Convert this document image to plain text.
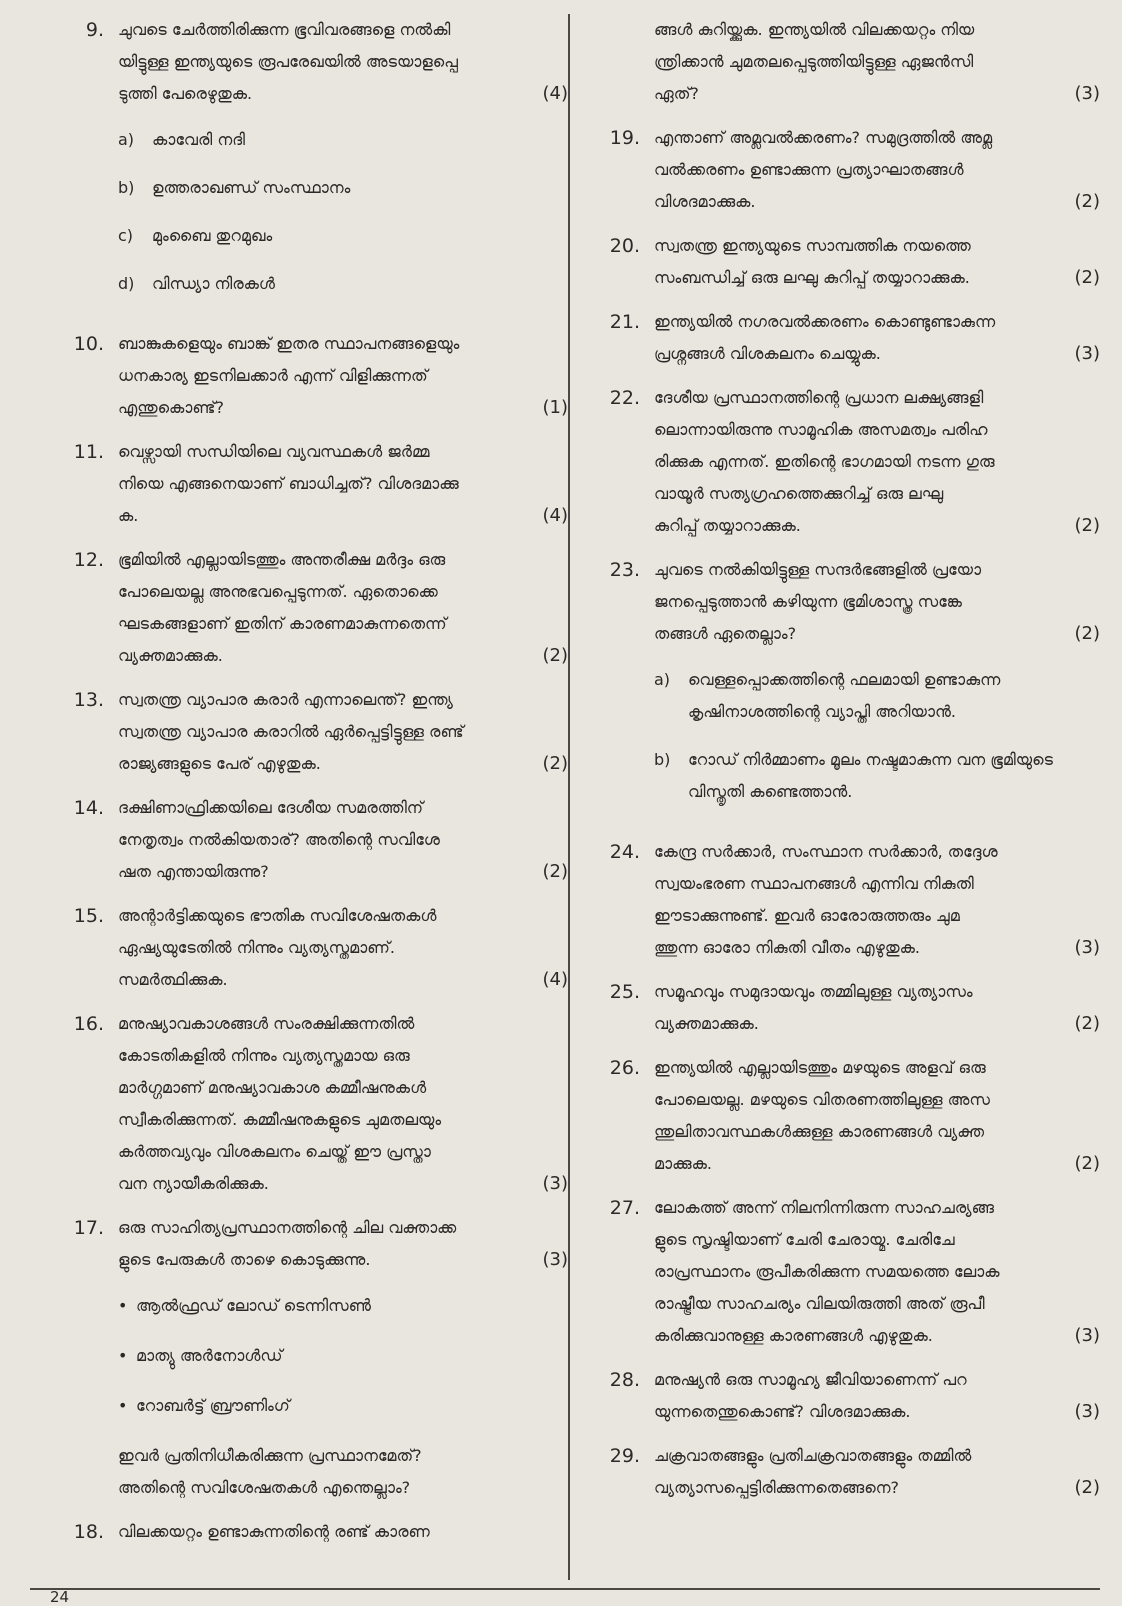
9. ചുവടെ ചേർത്തിരിക്കുന്ന ഭൂവിവരങ്ങളെ നൽകി

യിട്ടുള്ള ഇന്ത്യയുടെ രൂപരേഖയിൽ അടയാളപ്പെ

ടുത്തി പേരെഴുതുക.	(4)

a)	കാവേരി നദി
b)	ഉത്തരാഖണ്ഡ് സംസ്ഥാനം
c)	മുംബൈ തുറമുഖം
d)	വിന്ധ്യാ നിരകൾ
10. ബാങ്കുകളെയും ബാങ്ക് ഇതര സ്ഥാപനങ്ങളെയും

ധനകാര്യ ഇടനിലക്കാർ എന്ന് വിളിക്കുന്നത്

എന്തുകൊണ്ട്?	(1)

11. വെഴ്സായി സന്ധിയിലെ വ്യവസ്ഥകൾ ജർമ്മ

നിയെ എങ്ങനെയാണ് ബാധിച്ചത്? വിശദമാക്കു

ക.	(4)

12. ഭൂമിയിൽ എല്ലായിടത്തും അന്തരീക്ഷ മർദ്ദം ഒരു

പോലെയല്ല അനുഭവപ്പെടുന്നത്. ഏതൊക്കെ

ഘടകങ്ങളാണ് ഇതിന് കാരണമാകുന്നതെന്ന്

വ്യക്തമാക്കുക.	(2)

13. സ്വതന്ത്ര വ്യാപാര കരാർ എന്നാലെന്ത്? ഇന്ത്യ

സ്വതന്ത്ര വ്യാപാര കരാറിൽ ഏർപ്പെട്ടിട്ടുള്ള രണ്ട്

രാജ്യങ്ങളുടെ പേര് എഴുതുക.	(2)

14. ദക്ഷിണാഫ്രിക്കയിലെ ദേശീയ സമരത്തിന്

നേതൃത്വം നൽകിയതാര്? അതിന്റെ സവിശേ

ഷത എന്തായിരുന്നു?	(2)

15. അന്റാർട്ടിക്കയുടെ ഭൗതിക സവിശേഷതകൾ

ഏഷ്യയുടേതിൽ നിന്നും വ്യത്യസ്തമാണ്.

സമർത്ഥിക്കുക.	(4)

16. മനുഷ്യാവകാശങ്ങൾ സംരക്ഷിക്കുന്നതിൽ

കോടതികളിൽ നിന്നും വ്യത്യസ്തമായ ഒരു

മാർഗ്ഗമാണ് മനുഷ്യാവകാശ കമ്മീഷനുകൾ

സ്വീകരിക്കുന്നത്. കമ്മീഷനുകളുടെ ചുമതലയും

കർത്തവ്യവും വിശകലനം ചെയ്ത് ഈ പ്രസ്താ

വന ന്യായീകരിക്കുക.	(3)

17. ഒരു സാഹിത്യപ്രസ്ഥാനത്തിന്റെ ചില വക്താക്ക

ളുടെ പേരുകൾ താഴെ കൊടുക്കുന്നു.	(3)

• ആൽഫ്രഡ് ലോഡ് ടെന്നിസൺ
• മാത്യു അർനോൾഡ്
• റോബർട്ട് ബ്രൗണിംഗ്

ഇവർ പ്രതിനിധീകരിക്കുന്ന പ്രസ്ഥാനമേത്?

അതിന്റെ സവിശേഷതകൾ എന്തെല്ലാം?

18. വിലക്കയറ്റം ഉണ്ടാകുന്നതിന്റെ രണ്ട് കാരണ

ങ്ങൾ കുറിയ്ക്കുക. ഇന്ത്യയിൽ വിലക്കയറ്റം നിയ

ന്ത്രിക്കാൻ ചുമതലപ്പെടുത്തിയിട്ടുള്ള ഏജൻസി

ഏത്?	(3)

19. എന്താണ് അമ്ലവൽക്കരണം? സമുദ്രത്തിൽ അമ്ല

വൽക്കരണം ഉണ്ടാക്കുന്ന പ്രത്യാഘാതങ്ങൾ

വിശദമാക്കുക.	(2)

20. സ്വതന്ത്ര ഇന്ത്യയുടെ സാമ്പത്തിക നയത്തെ

സംബന്ധിച്ച് ഒരു ലഘു കുറിപ്പ് തയ്യാറാക്കുക.	(2)

21. ഇന്ത്യയിൽ നഗരവൽക്കരണം കൊണ്ടുണ്ടാകുന്ന

പ്രശ്നങ്ങൾ വിശകലനം ചെയ്യുക.	(3)

22. ദേശീയ പ്രസ്ഥാനത്തിന്റെ പ്രധാന ലക്ഷ്യങ്ങളി

ലൊന്നായിരുന്നു സാമൂഹിക അസമത്വം പരിഹ

രിക്കുക എന്നത്. ഇതിന്റെ ഭാഗമായി നടന്ന ഗുരു

വായൂർ സത്യഗ്രഹത്തെക്കുറിച്ച് ഒരു ലഘു

കുറിപ്പ് തയ്യാറാക്കുക.	(2)

23. ചുവടെ നൽകിയിട്ടുള്ള സന്ദർഭങ്ങളിൽ പ്രയോ

ജനപ്പെടുത്താൻ കഴിയുന്ന ഭൂമിശാസ്ത്ര സങ്കേ

തങ്ങൾ ഏതെല്ലാം?	(2)

a)	വെള്ളപ്പൊക്കത്തിന്റെ ഫലമായി ഉണ്ടാകുന്ന കൃഷിനാശത്തിന്റെ വ്യാപ്തി അറിയാൻ.
b)	റോഡ് നിർമ്മാണം മൂലം നഷ്ടമാകുന്ന വന ഭൂമിയുടെ വിസ്തൃതി കണ്ടെത്താൻ.
24. കേന്ദ്ര സർക്കാർ, സംസ്ഥാന സർക്കാർ, തദ്ദേശ

സ്വയംഭരണ സ്ഥാപനങ്ങൾ എന്നിവ നികുതി

ഈടാക്കുന്നുണ്ട്. ഇവർ ഓരോരുത്തരും ചുമ

ത്തുന്ന ഓരോ നികുതി വീതം എഴുതുക.	(3)

25. സമൂഹവും സമുദായവും തമ്മിലുള്ള വ്യത്യാസം

വ്യക്തമാക്കുക.	(2)

26. ഇന്ത്യയിൽ എല്ലായിടത്തും മഴയുടെ അളവ് ഒരു

പോലെയല്ല. മഴയുടെ വിതരണത്തിലുള്ള അസ

ന്തുലിതാവസ്ഥകൾക്കുള്ള കാരണങ്ങൾ വ്യക്ത

മാക്കുക.	(2)

27. ലോകത്ത് അന്ന് നിലനിന്നിരുന്ന സാഹചര്യങ്ങ

ളുടെ സൃഷ്ടിയാണ് ചേരി ചേരായ്മ. ചേരിചേ

രാപ്രസ്ഥാനം രൂപീകരിക്കുന്ന സമയത്തെ ലോക

രാഷ്ട്രീയ സാഹചര്യം വിലയിരുത്തി അത് രൂപീ

കരിക്കുവാനുള്ള കാരണങ്ങൾ എഴുതുക.	(3)

28. മനുഷ്യൻ ഒരു സാമൂഹ്യ ജീവിയാണെന്ന് പറ

യുന്നതെന്തുകൊണ്ട്? വിശദമാക്കുക.	(3)

29. ചക്രവാതങ്ങളും പ്രതിചക്രവാതങ്ങളും തമ്മിൽ

വ്യത്യാസപ്പെട്ടിരിക്കുന്നതെങ്ങനെ?	(2)

24
